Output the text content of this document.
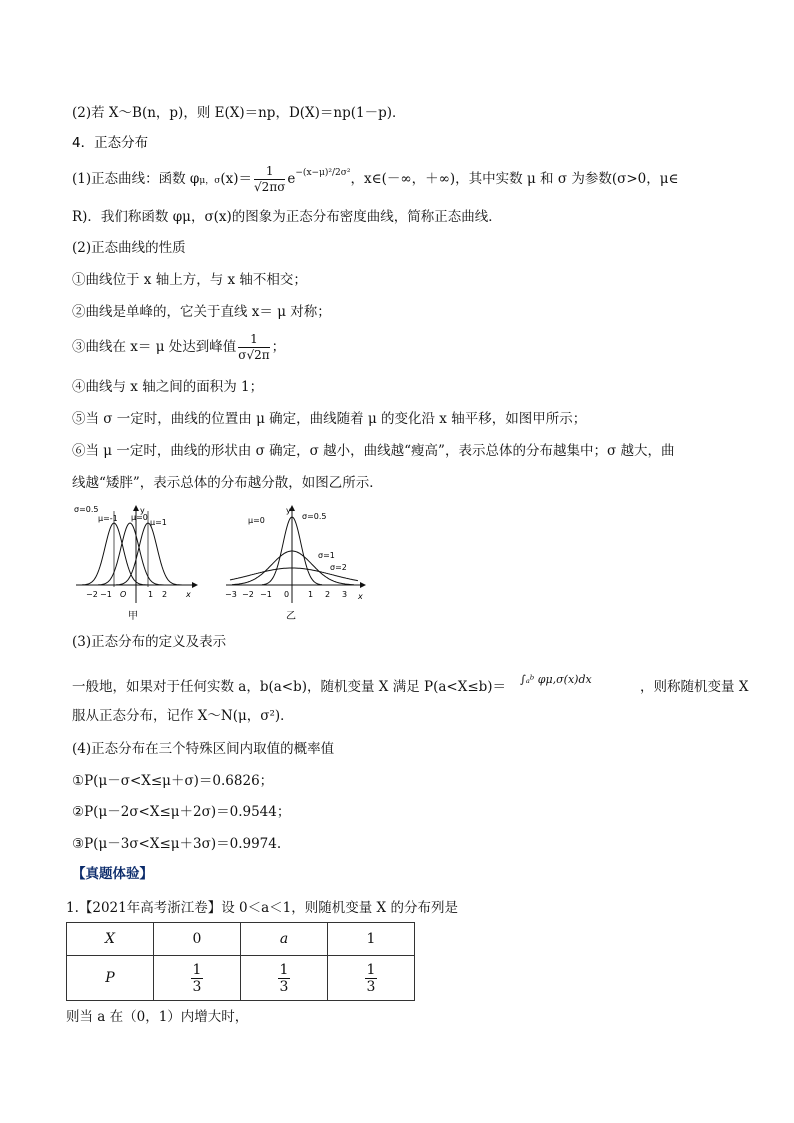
(2)若 X～B(n，p)，则 E(X)＝np，D(X)＝np(1－p)．
4．正态分布
(1)正态曲线：函数 φμ，$\sigma(x)= \frac{1}{√2\pi\sigma} e^{-(x-\mu)^2/2\sigma^2}$，x∈(－∞，＋∞)，其中实数 μ 和 σ 为参数(σ>0，μ∈
R)．我们称函数 φμ，σ(x)的图象为正态分布密度曲线，简称正态曲线．
(2)正态曲线的性质
①曲线位于 x 轴上方，与 x 轴不相交；
②曲线是单峰的，它关于直线 x＝ μ 对称；
③曲线在 x＝ μ 处达到峰值 $\frac{1}{\sigma√2\pi}$ ；
④曲线与 x 轴之间的面积为 1；
⑤当 σ 一定时，曲线的位置由 μ 确定，曲线随着 μ 的变化沿 x 轴平移，如图甲所示；
⑥当 μ 一定时，曲线的形状由 σ 确定，σ 越小，曲线越“瘦高”，表示总体的分布越集中；σ 越大，曲
线越“矮胖”，表示总体的分布越分散，如图乙所示．
y
x
σ=0.5
μ=-1 μ=0
μ=1
−2 −1 O	1 2
甲
y
x
μ=0	σ=0.5
σ=1
σ=2
−3 −2 −1 0 1 2 3
乙
(3)正态分布的定义及表示
一般地，如果对于任何实数 a，b(a<b)，随机变量 X 满足 P(a<X≤b)＝ ∫ₐᵇ φμ,σ(x)dx	，则称随机变量 X
服从正态分布，记作 X～N(μ，σ²)．
(4)正态分布在三个特殊区间内取值的概率值
①P(μ－σ<X≤μ＋σ)＝0.6826；
②P(μ－2σ<X≤μ＋2σ)＝0.9544；
③P(μ－3σ<X≤μ＋3σ)＝0.9974.
【真题体验】
1.【2021年高考浙江卷】设 0＜a＜1，则随机变量 X 的分布列是
X	0	a	1
P	$\frac{1}{3}$	$\frac{1}{3}$	$\frac{1}{3}$
则当 a 在（0，1）内增大时，
